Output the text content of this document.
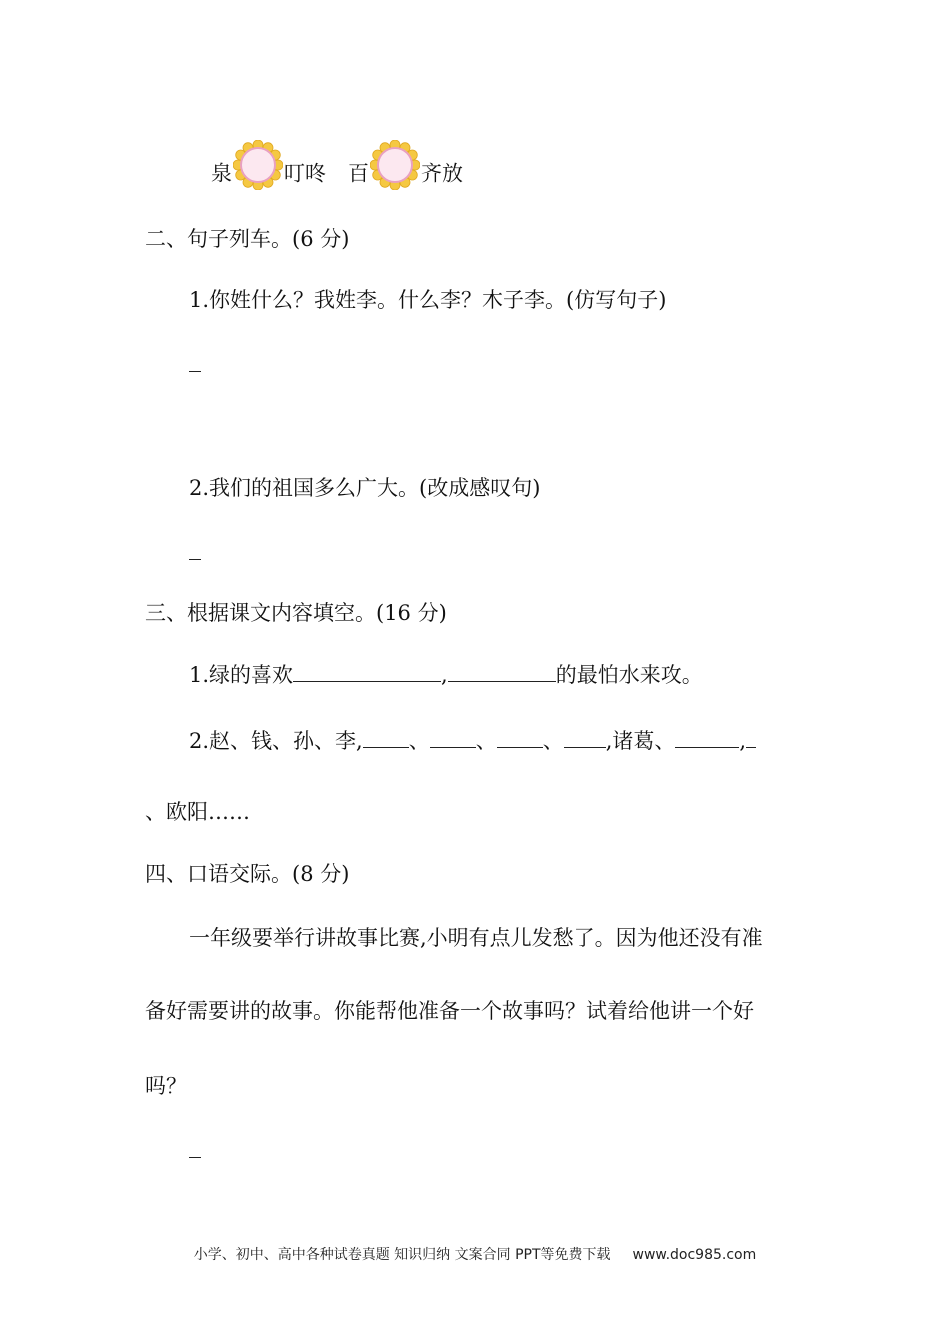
泉 叮咚 百 齐放
二、句子列车。(6 分)
1.你姓什么？我姓李。什么李？木子李。(仿写句子)
2.我们的祖国多么广大。(改成感叹句)
三、根据课文内容填空。(16 分)
1.绿的喜欢	,	的最怕水来攻。
2.赵、钱、孙、李, 、 、 、 ,诸葛、	,
、欧阳……
四、口语交际。(8 分)
一年级要举行讲故事比赛,小明有点儿发愁了。因为他还没有准
备好需要讲的故事。你能帮他准备一个故事吗？试着给他讲一个好
吗？
小学、初中、高中各种试卷真题 知识归纳 文案合同 PPT等免费下载 www.doc985.com
